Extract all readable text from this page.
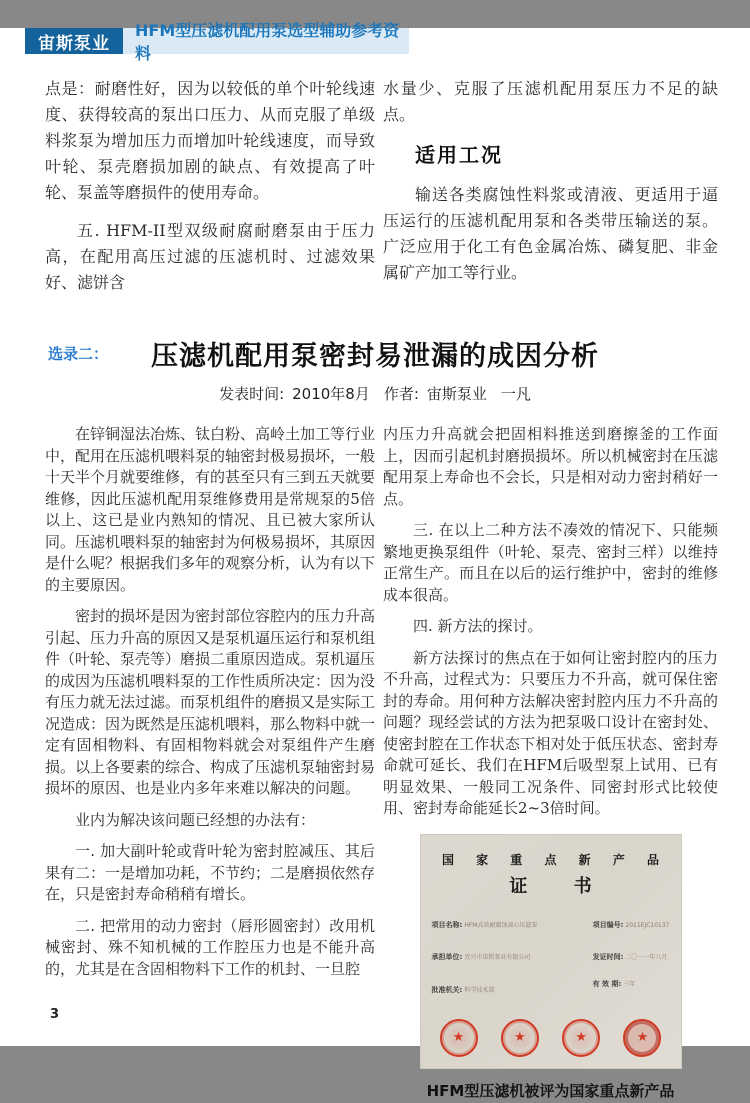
宙斯泵业
HFM型压滤机配用泵选型辅助参考资料

点是：耐磨性好，因为以较低的单个叶轮线速度、获得较高的泵出口压力、从而克服了单级料浆泵为增加压力而增加叶轮线速度，而导致叶轮、泵壳磨损加剧的缺点、有效提高了叶轮、泵盖等磨损件的使用寿命。

五. HFM-II型双级耐腐耐磨泵由于压力高，在配用高压过滤的压滤机时、过滤效果好、滤饼含

水量少、克服了压滤机配用泵压力不足的缺点。

适用工况

输送各类腐蚀性料浆或清液、更适用于逼压运行的压滤机配用泵和各类带压输送的泵。广泛应用于化工有色金属冶炼、磷复肥、非金属矿产加工等行业。

选录二：	压滤机配用泵密封易泄漏的成因分析
发表时间: 2010年8月 作者: 宙斯泵业 一凡

在锌铜湿法冶炼、钛白粉、高岭土加工等行业中，配用在压滤机喂料泵的轴密封极易损坏，一般十天半个月就要维修，有的甚至只有三到五天就要维修，因此压滤机配用泵维修费用是常规泵的5倍以上、这已是业内熟知的情况、且已被大家所认同。压滤机喂料泵的轴密封为何极易损坏，其原因是什么呢？根据我们多年的观察分析，认为有以下的主要原因。

密封的损坏是因为密封部位容腔内的压力升高引起、压力升高的原因又是泵机逼压运行和泵机组件（叶轮、泵壳等）磨损二重原因造成。泵机逼压的成因为压滤机喂料泵的工作性质所决定：因为没有压力就无法过滤。而泵机组件的磨损又是实际工况造成：因为既然是压滤机喂料，那么物料中就一定有固相物料、有固相物料就会对泵组件产生磨损。以上各要素的综合、构成了压滤机泵轴密封易损坏的原因、也是业内多年来难以解决的问题。

业内为解决该问题已经想的办法有：

一. 加大副叶轮或背叶轮为密封腔减压、其后果有二：一是增加功耗，不节约；二是磨损依然存在，只是密封寿命稍稍有增长。

二. 把常用的动力密封（唇形圆密封）改用机械密封、殊不知机械的工作腔压力也是不能升高的，尤其是在含固相物料下工作的机封、一旦腔

内压力升高就会把固相料推送到磨擦釜的工作面上，因而引起机封磨损损坏。所以机械密封在压滤配用泵上寿命也不会长，只是相对动力密封稍好一点。

三. 在以上二种方法不凑效的情况下、只能频繁地更换泵组件（叶轮、泵壳、密封三样）以维持正常生产。而且在以后的运行维护中，密封的维修成本很高。

四. 新方法的探讨。

新方法探讨的焦点在于如何让密封腔内的压力不升高，过程式为：只要压力不升高，就可保住密封的寿命。用何种方法解决密封腔内压力不升高的问题？现经尝试的方法为把泵吸口设计在密封处、使密封腔在工作状态下相对处于低压状态、密封寿命就可延长、我们在HFM后吸型泵上试用、已有明显效果、一般同工况条件、同密封形式比较使用、密封寿命能延长2~3倍时间。

国 家 重 点 新 产 品
证 书
项目名称: HFM高效耐腐蚀离心压滤泵
承担单位: 宜兴市宙斯泵业有限公司
批准机关: 科学技术部
项目编号: 2011EJC10137
发证时间: 二〇一一年八月
有 效 期: 三年
★	★	★	★
HFM型压滤机被评为国家重点新产品
3
